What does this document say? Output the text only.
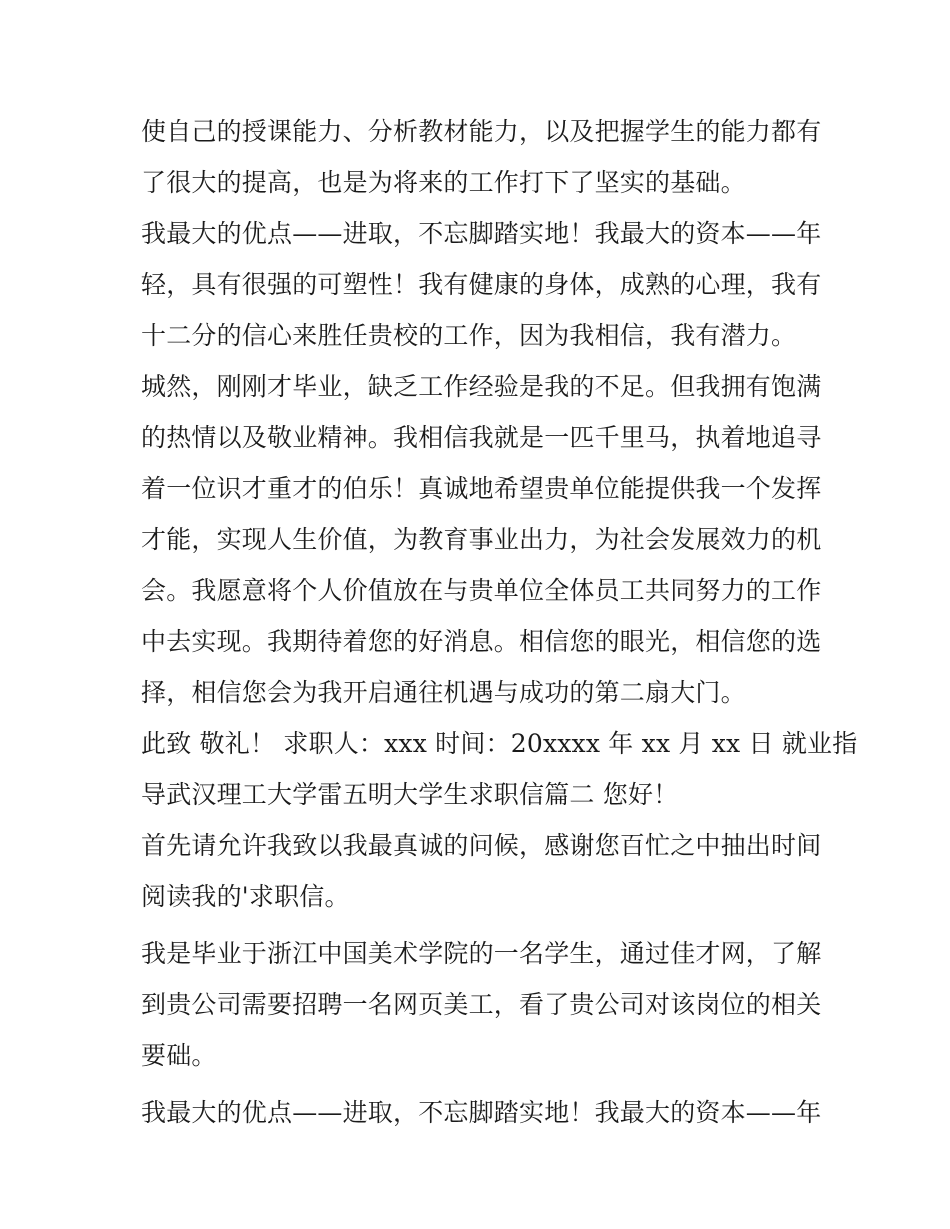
使自己的授课能力、分析教材能力，以及把握学生的能力都有
了很大的提高，也是为将来的工作打下了坚实的基础。
我最大的优点——进取，不忘脚踏实地！我最大的资本——年
轻，具有很强的可塑性！我有健康的身体，成熟的心理，我有
十二分的信心来胜任贵校的工作，因为我相信，我有潜力。
城然，刚刚才毕业，缺乏工作经验是我的不足。但我拥有饱满
的热情以及敬业精神。我相信我就是一匹千里马，执着地追寻
着一位识才重才的伯乐！真诚地希望贵单位能提供我一个发挥
才能，实现人生价值，为教育事业出力，为社会发展效力的机
会。我愿意将个人价值放在与贵单位全体员工共同努力的工作
中去实现。我期待着您的好消息。相信您的眼光，相信您的选
择，相信您会为我开启通往机遇与成功的第二扇大门。
此致 敬礼！ 求职人：xxx 时间：20xxxx 年 xx 月 xx 日 就业指
导武汉理工大学雷五明大学生求职信篇二 您好！
首先请允许我致以我最真诚的问候，感谢您百忙之中抽出时间
阅读我的'求职信。
我是毕业于浙江中国美术学院的一名学生，通过佳才网，了解
到贵公司需要招聘一名网页美工，看了贵公司对该岗位的相关
要础。
我最大的优点——进取，不忘脚踏实地！我最大的资本——年
